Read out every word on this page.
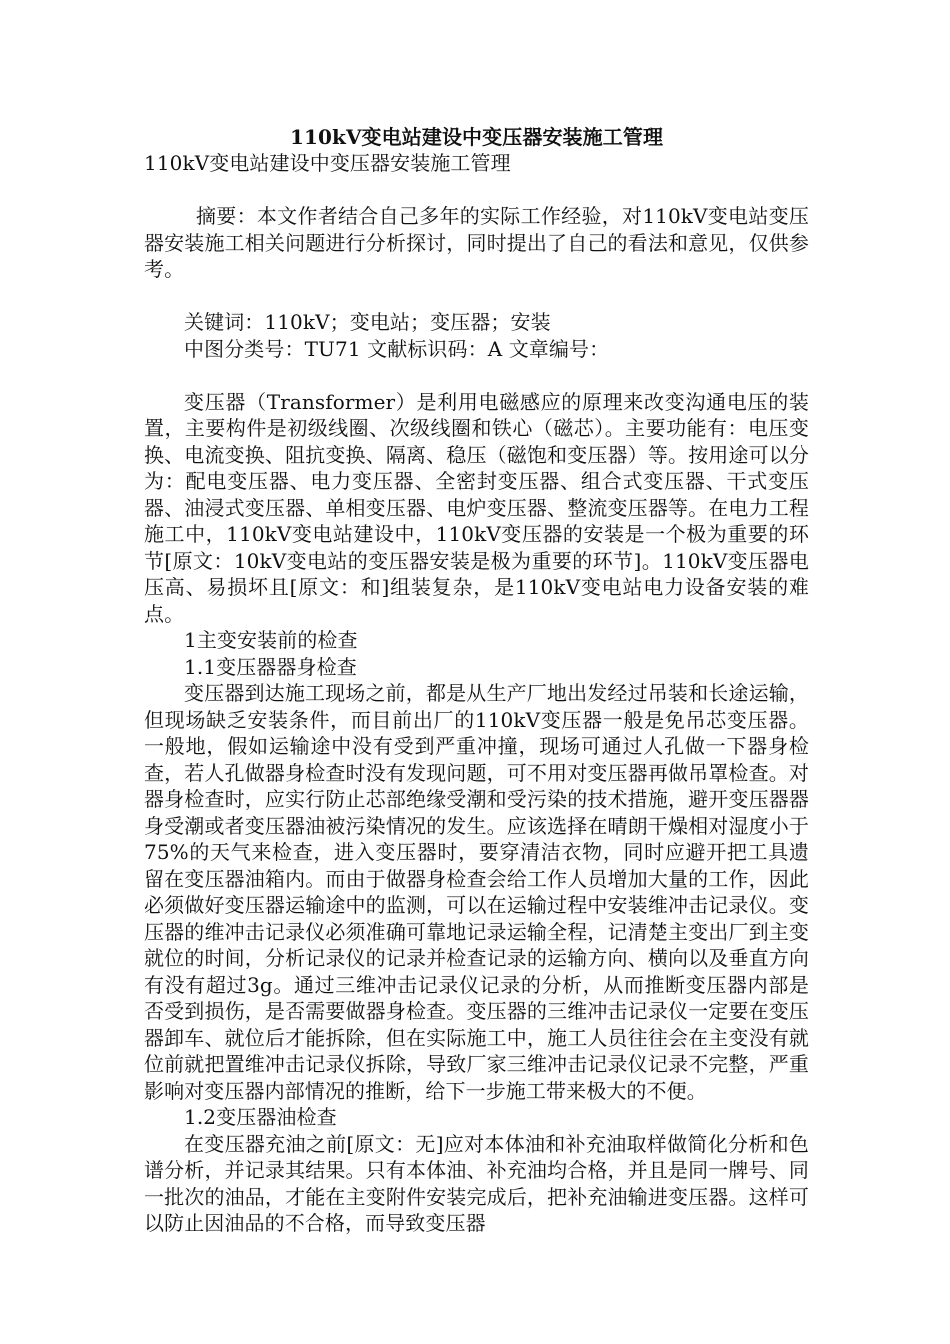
110kV变电站建设中变压器安装施工管理

110kV变电站建设中变压器安装施工管理

摘要：本文作者结合自己多年的实际工作经验，对110kV变电站变压器安装施工相关问题进行分析探讨，同时提出了自己的看法和意见，仅供参考。

关键词：110kV；变电站；变压器；安装

中图分类号：TU71 文献标识码：A 文章编号：

变压器（Transformer）是利用电磁感应的原理来改变沟通电压的装置，主要构件是初级线圈、次级线圈和铁心（磁芯）。主要功能有：电压变换、电流变换、阻抗变换、隔离、稳压（磁饱和变压器）等。按用途可以分为：配电变压器、电力变压器、全密封变压器、组合式变压器、干式变压器、油浸式变压器、单相变压器、电炉变压器、整流变压器等。在电力工程施工中，110kV变电站建设中，110kV变压器的安装是一个极为重要的环节[原文：10kV变电站的变压器安装是极为重要的环节]。110kV变压器电压高、易损坏且[原文：和]组装复杂，是110kV变电站电力设备安装的难点。

1主变安装前的检查

1.1变压器器身检查

变压器到达施工现场之前，都是从生产厂地出发经过吊装和长途运输，但现场缺乏安装条件，而目前出厂的110kV变压器一般是免吊芯变压器。一般地，假如运输途中没有受到严重冲撞，现场可通过人孔做一下器身检查，若人孔做器身检查时没有发现问题，可不用对变压器再做吊罩检查。对器身检查时，应实行防止芯部绝缘受潮和受污染的技术措施，避开变压器器身受潮或者变压器油被污染情况的发生。应该选择在晴朗干燥相对湿度小于75%的天气来检查，进入变压器时，要穿清洁衣物，同时应避开把工具遗留在变压器油箱内。而由于做器身检查会给工作人员增加大量的工作，因此必须做好变压器运输途中的监测，可以在运输过程中安装维冲击记录仪。变压器的维冲击记录仪必须准确可靠地记录运输全程，记清楚主变出厂到主变就位的时间，分析记录仪的记录并检查记录的运输方向、横向以及垂直方向有没有超过3g。通过三维冲击记录仪记录的分析，从而推断变压器内部是否受到损伤，是否需要做器身检查。变压器的三维冲击记录仪一定要在变压器卸车、就位后才能拆除，但在实际施工中，施工人员往往会在主变没有就位前就把置维冲击记录仪拆除，导致厂家三维冲击记录仪记录不完整，严重影响对变压器内部情况的推断，给下一步施工带来极大的不便。

1.2变压器油检查

在变压器充油之前[原文：无]应对本体油和补充油取样做简化分析和色谱分析，并记录其结果。只有本体油、补充油均合格，并且是同一牌号、同一批次的油品，才能在主变附件安装完成后，把补充油输进变压器。这样可以防止因油品的不合格，而导致变压器
